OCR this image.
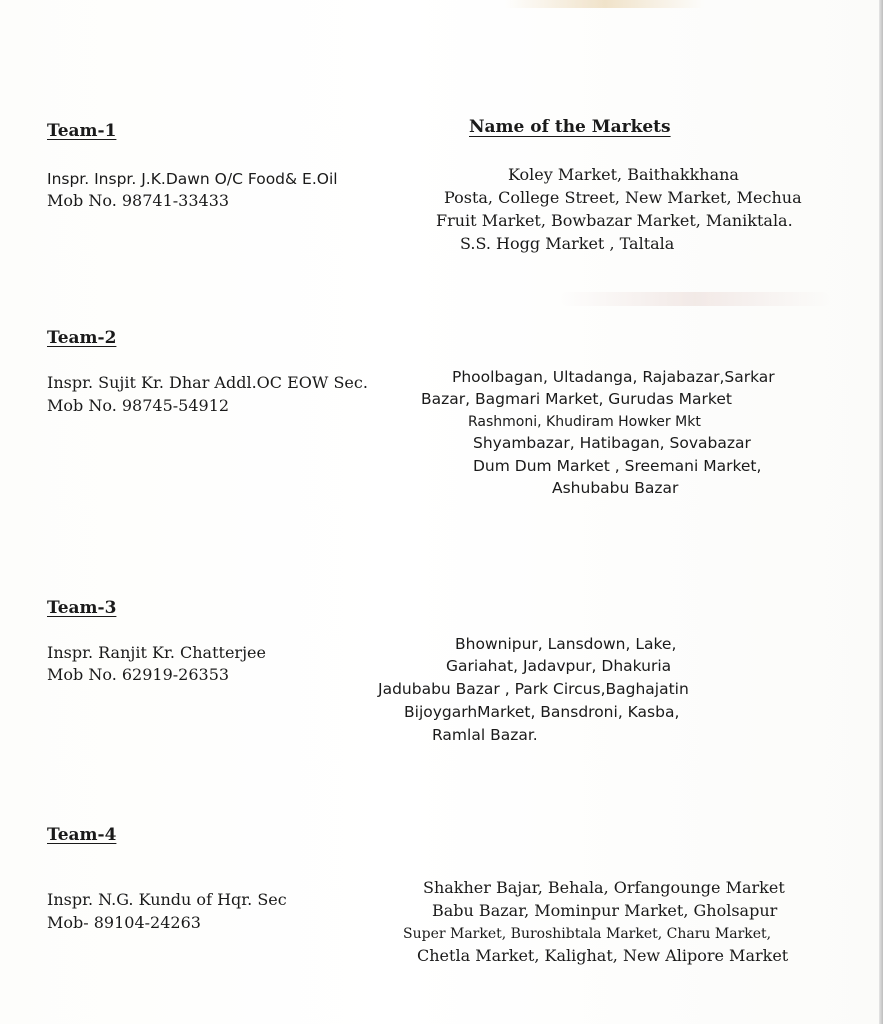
Name of the Markets
Team-1
Inspr. Inspr. J.K.Dawn O/C Food& E.Oil
Mob No. 98741-33433
Koley Market, Baithakkhana
Posta, College Street, New Market, Mechua
Fruit Market, Bowbazar Market, Maniktala.
S.S. Hogg Market , Taltala
Team-2
Inspr. Sujit Kr. Dhar Addl.OC EOW Sec.
Mob No. 98745-54912
Phoolbagan, Ultadanga, Rajabazar,Sarkar
Bazar, Bagmari Market, Gurudas Market
Rashmoni, Khudiram Howker Mkt
Shyambazar, Hatibagan, Sovabazar
Dum Dum Market , Sreemani Market,
Ashubabu Bazar
Team-3
Inspr. Ranjit Kr. Chatterjee
Mob No. 62919-26353
Bhownipur, Lansdown, Lake,
Gariahat, Jadavpur, Dhakuria
Jadubabu Bazar , Park Circus,Baghajatin
BijoygarhMarket, Bansdroni, Kasba,
Ramlal Bazar.
Team-4
Inspr. N.G. Kundu of Hqr. Sec
Mob- 89104-24263
Shakher Bajar, Behala, Orfangounge Market
Babu Bazar, Mominpur Market, Gholsapur
Super Market, Buroshibtala Market, Charu Market,
Chetla Market, Kalighat, New Alipore Market
